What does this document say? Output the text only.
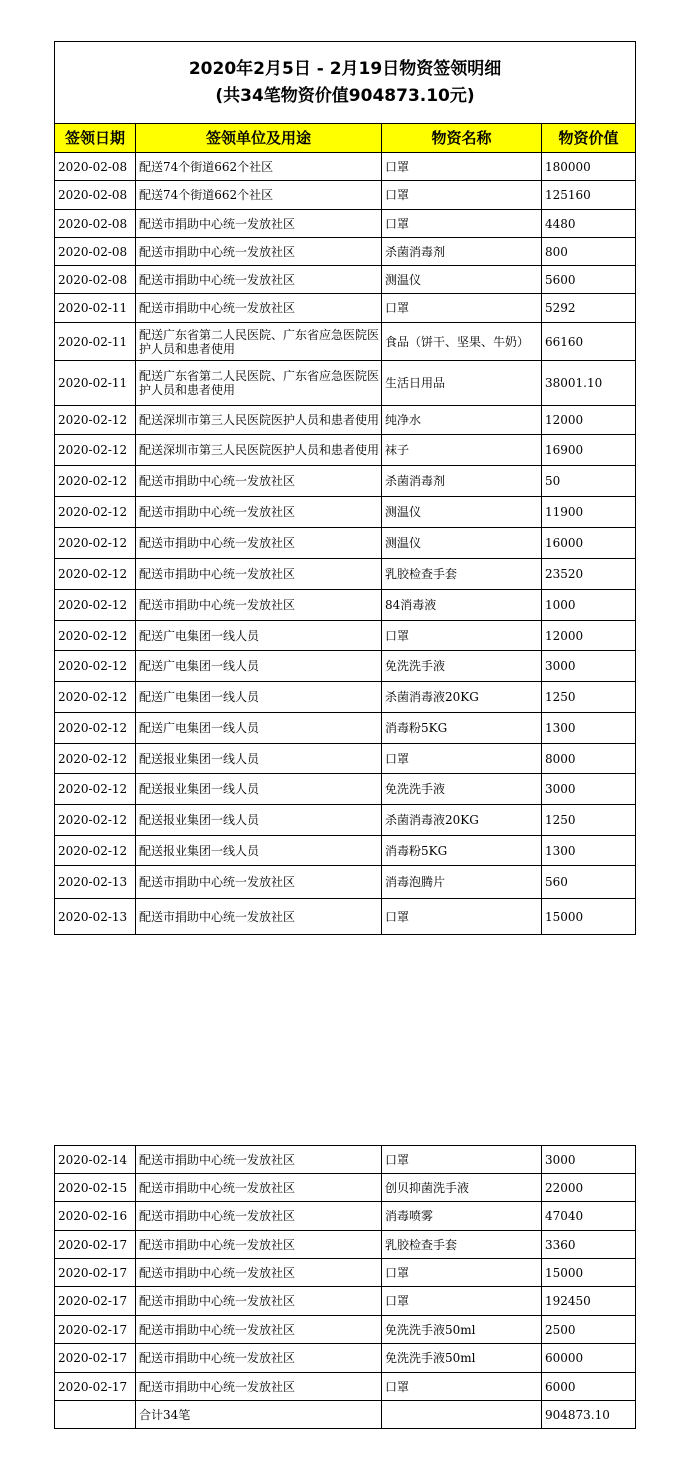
2020年2月5日 - 2月19日物资签领明细
(共34笔物资价值904873.10元)			

签领日期	签领单位及用途	物资名称	物资价值
2020-02-08	配送74个街道662个社区	口罩	180000
2020-02-08	配送74个街道662个社区	口罩	125160
2020-02-08	配送市捐助中心统一发放社区	口罩	4480
2020-02-08	配送市捐助中心统一发放社区	杀菌消毒剂	800
2020-02-08	配送市捐助中心统一发放社区	测温仪	5600
2020-02-11	配送市捐助中心统一发放社区	口罩	5292
2020-02-11	配送广东省第二人民医院、广东省应急医院医护人员和患者使用	食品（饼干、坚果、牛奶）	66160
2020-02-11	配送广东省第二人民医院、广东省应急医院医护人员和患者使用	生活日用品	38001.10
2020-02-12	配送深圳市第三人民医院医护人员和患者使用	纯净水	12000
2020-02-12	配送深圳市第三人民医院医护人员和患者使用	袜子	16900
2020-02-12	配送市捐助中心统一发放社区	杀菌消毒剂	50
2020-02-12	配送市捐助中心统一发放社区	测温仪	11900
2020-02-12	配送市捐助中心统一发放社区	测温仪	16000
2020-02-12	配送市捐助中心统一发放社区	乳胶检查手套	23520
2020-02-12	配送市捐助中心统一发放社区	84消毒液	1000
2020-02-12	配送广电集团一线人员	口罩	12000
2020-02-12	配送广电集团一线人员	免洗洗手液	3000
2020-02-12	配送广电集团一线人员	杀菌消毒液20KG	1250
2020-02-12	配送广电集团一线人员	消毒粉5KG	1300
2020-02-12	配送报业集团一线人员	口罩	8000
2020-02-12	配送报业集团一线人员	免洗洗手液	3000
2020-02-12	配送报业集团一线人员	杀菌消毒液20KG	1250
2020-02-12	配送报业集团一线人员	消毒粉5KG	1300
2020-02-13	配送市捐助中心统一发放社区	消毒泡腾片	560
2020-02-13	配送市捐助中心统一发放社区	口罩	15000
2020-02-14	配送市捐助中心统一发放社区	口罩	3000
2020-02-15	配送市捐助中心统一发放社区	创贝抑菌洗手液	22000
2020-02-16	配送市捐助中心统一发放社区	消毒喷雾	47040
2020-02-17	配送市捐助中心统一发放社区	乳胶检查手套	3360
2020-02-17	配送市捐助中心统一发放社区	口罩	15000
2020-02-17	配送市捐助中心统一发放社区	口罩	192450
2020-02-17	配送市捐助中心统一发放社区	免洗洗手液50ml	2500
2020-02-17	配送市捐助中心统一发放社区	免洗洗手液50ml	60000
2020-02-17	配送市捐助中心统一发放社区	口罩	6000
	合计34笔		904873.10
